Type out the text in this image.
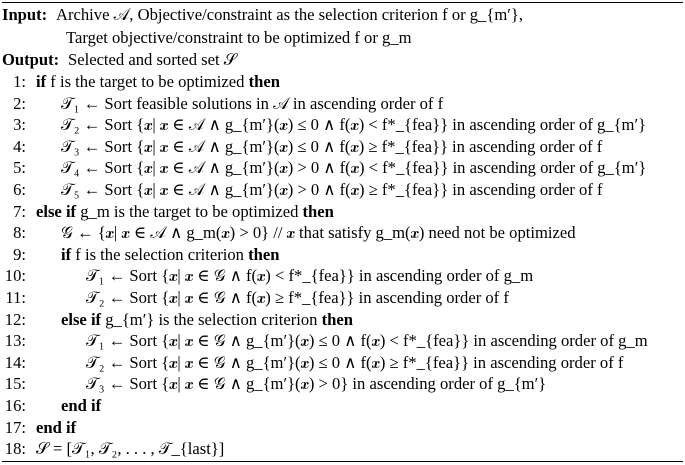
Input: Archive 𝒜, Objective/constraint as the selection criterion f or g_{m′},
Target objective/constraint to be optimized f or g_m
Output: Selected and sorted set 𝒮
1: if f is the target to be optimized then
2: 𝒯₁ ← Sort feasible solutions in 𝒜 in ascending order of f
3: 𝒯₂ ← Sort {𝒙| 𝒙 ∈ 𝒜 ∧ g_{m′}(𝒙) ≤ 0 ∧ f(𝒙) < f*_{fea}} in ascending order of g_{m′}
4: 𝒯₃ ← Sort {𝒙| 𝒙 ∈ 𝒜 ∧ g_{m′}(𝒙) ≤ 0 ∧ f(𝒙) ≥ f*_{fea}} in ascending order of f
5: 𝒯₄ ← Sort {𝒙| 𝒙 ∈ 𝒜 ∧ g_{m′}(𝒙) > 0 ∧ f(𝒙) < f*_{fea}} in ascending order of g_{m′}
6: 𝒯₅ ← Sort {𝒙| 𝒙 ∈ 𝒜 ∧ g_{m′}(𝒙) > 0 ∧ f(𝒙) ≥ f*_{fea}} in ascending order of f
7: else if g_m is the target to be optimized then
8: 𝒢 ← {𝒙| 𝒙 ∈ 𝒜 ∧ g_m(𝒙) > 0} // 𝒙 that satisfy g_m(𝒙) need not be optimized
9: if f is the selection criterion then
10:	𝒯₁ ← Sort {𝒙| 𝒙 ∈ 𝒢 ∧ f(𝒙) < f*_{fea}} in ascending order of g_m
11:	𝒯₂ ← Sort {𝒙| 𝒙 ∈ 𝒢 ∧ f(𝒙) ≥ f*_{fea}} in ascending order of f
12: else if g_{m′} is the selection criterion then
13:	𝒯₁ ← Sort {𝒙| 𝒙 ∈ 𝒢 ∧ g_{m′}(𝒙) ≤ 0 ∧ f(𝒙) < f*_{fea}} in ascending order of g_m
14:	𝒯₂ ← Sort {𝒙| 𝒙 ∈ 𝒢 ∧ g_{m′}(𝒙) ≤ 0 ∧ f(𝒙) ≥ f*_{fea}} in ascending order of f
15:	𝒯₃ ← Sort {𝒙| 𝒙 ∈ 𝒢 ∧ g_{m′}(𝒙) > 0} in ascending order of g_{m′}
16: end if
17: end if
18: 𝒮 = [𝒯₁, 𝒯₂, . . . , 𝒯_{last}]
